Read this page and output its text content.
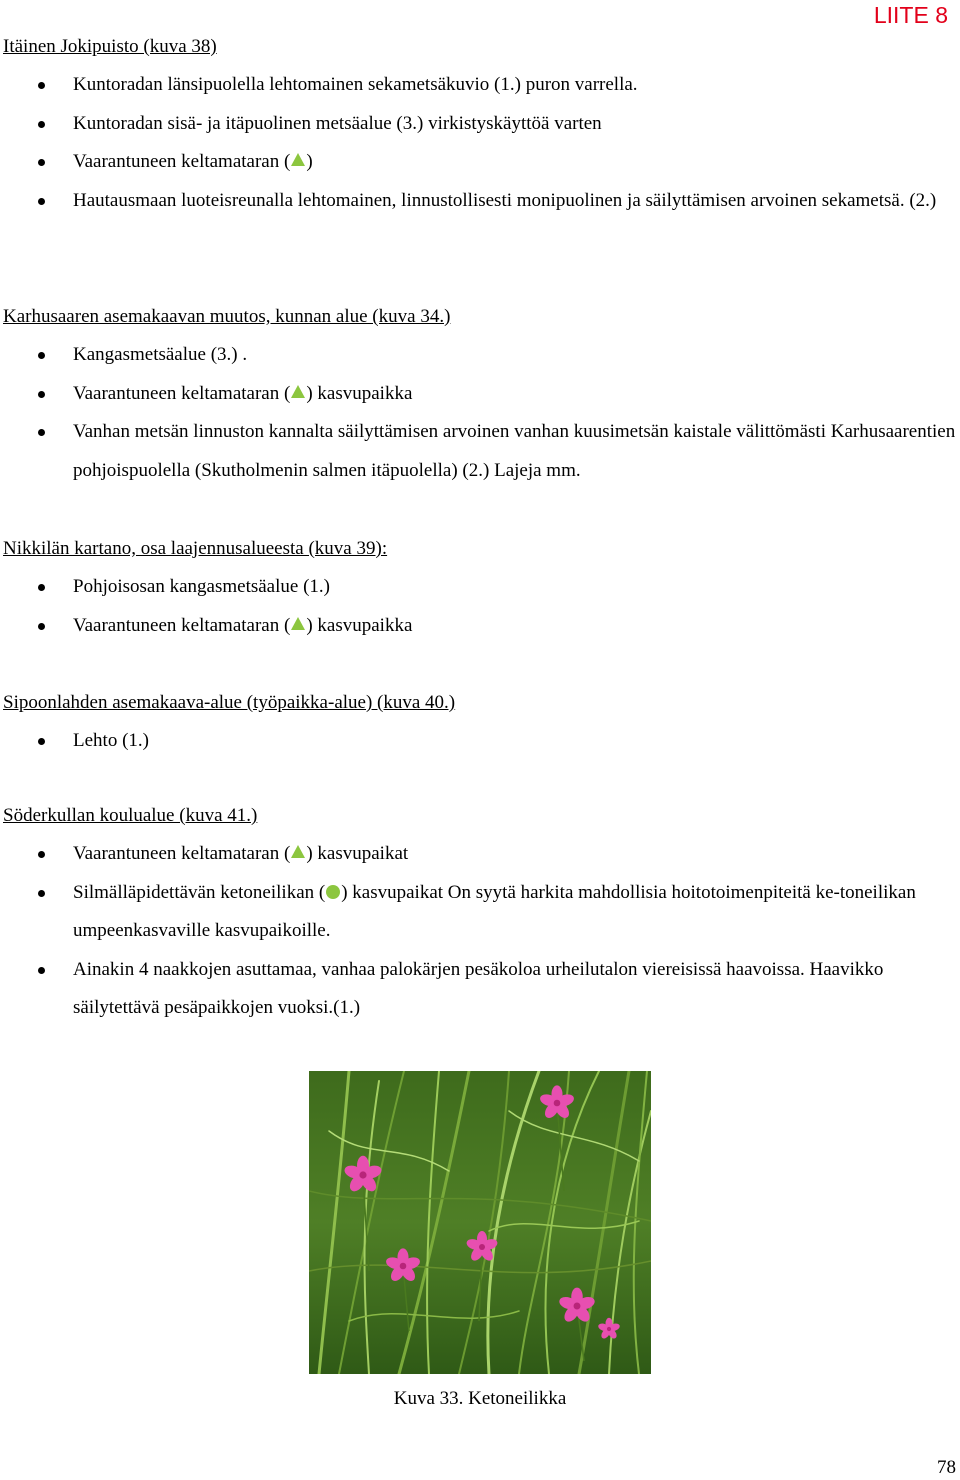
LIITE 8

Itäinen Jokipuisto (kuva 38)

Kuntoradan länsipuolella lehtomainen sekametsäkuvio (1.) puron varrella.
Kuntoradan sisä- ja itäpuolinen metsäalue (3.) virkistyskäyttöä varten
Vaarantuneen keltamataran ( )
Hautausmaan luoteisreunalla lehtomainen, linnustollisesti monipuolinen ja säilyttämisen arvoinen sekametsä. (2.)

Karhusaaren asemakaavan muutos, kunnan alue (kuva 34.)

Kangasmetsäalue (3.) .
Vaarantuneen keltamataran ( ) kasvupaikka
Vanhan metsän linnuston kannalta säilyttämisen arvoinen vanhan kuusimetsän kaistale välittömästi Karhusaarentien pohjoispuolella (Skutholmenin salmen itäpuolella) (2.) Lajeja mm.

Nikkilän kartano, osa laajennusalueesta (kuva 39):

Pohjoisosan kangasmetsäalue (1.)
Vaarantuneen keltamataran ( ) kasvupaikka

Sipoonlahden asemakaava-alue (työpaikka-alue) (kuva 40.)

Lehto (1.)

Söderkullan koulualue (kuva 41.)

Vaarantuneen keltamataran ( ) kasvupaikat
Silmälläpidettävän ketoneilikan ( ) kasvupaikat On syytä harkita mahdollisia hoitotoimenpiteitä ke-toneilikan umpeenkasvaville kasvupaikoille.
Ainakin 4 naakkojen asuttamaa, vanhaa palokärjen pesäkoloa urheilutalon viereisissä haavoissa. Haavikko säilytettävä pesäpaikkojen vuoksi.(1.)
Kuva 33. Ketoneilikka
78
